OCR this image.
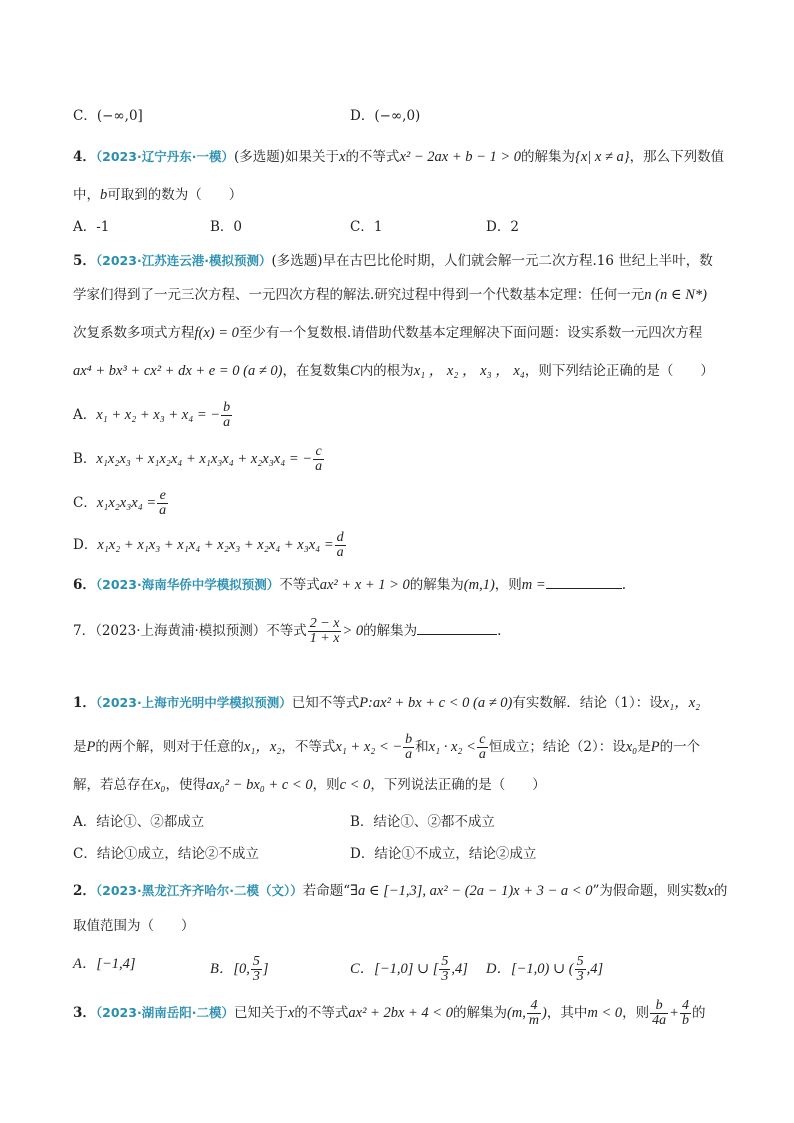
C．(−∞,0]	D．(−∞,0)
4．（2023·辽宁丹东·一模）(多选题)如果关于x的不等式x² − 2ax + b − 1 > 0的解集为{x| x ≠ a}，那么下列数值
中，b可取到的数为（　　）
A．-1	B．0	C．1	D．2
5．（2023·江苏连云港·模拟预测）(多选题)早在古巴比伦时期，人们就会解一元二次方程.16 世纪上半叶，数
学家们得到了一元三次方程、一元四次方程的解法.研究过程中得到一个代数基本定理：任何一元n (n ∈ N*)
次复系数多项式方程f(x) = 0至少有一个复数根.请借助代数基本定理解决下面问题：设实系数一元四次方程
ax⁴ + bx³ + cx² + dx + e = 0 (a ≠ 0)，在复数集C内的根为x₁ ， x₂ ， x₃ ， x₄，则下列结论正确的是（　　）
A．x₁ + x₂ + x₃ + x₄ = − $\frac{b}{a}$
B．x₁x₂x₃ + x₁x₂x₄ + x₁x₃x₄ + x₂x₃x₄ = − $\frac{c}{a}$
C．$x_1x_2x_3x_4 = \frac{e}{a}$
D．$x_1x_2 + x_1x_3 + x_1x_4 + x_2x_3 + x_2x_4 + x_3x_4 = \frac{d}{a}$
6．（2023·海南华侨中学模拟预测）不等式ax² + x + 1 > 0的解集为(m,1)，则m =	.
7．（2023·上海黄浦·模拟预测）不等式 $\frac{2 - x}{1 + x} > 0$的解集为	.
1．（2023·上海市光明中学模拟预测）已知不等式P:ax² + bx + c < 0 (a ≠ 0)有实数解．结论（1）：设x₁，x₂
是P的两个解，则对于任意的x₁，x₂，不等式x₁ + x₂ < − $\frac{b}{a}$ 和$x_1 \cdot x_2 < \frac{c}{a}$ 恒成立；结论（2）：设x₀是P的一个
解，若总存在x₀，使得ax₀² − bx₀ + c < 0，则c < 0，下列说法正确的是（　　）
A．结论①、②都成立	B．结论①、②都不成立
C．结论①成立，结论②不成立	D．结论①不成立，结论②成立
2．（2023·黑龙江齐齐哈尔·二模（文））若命题“∃a ∈ [−1,3], ax² − (2a − 1)x + 3 − a < 0”为假命题，则实数x的
取值范围为（　　）
A．[−1,4]	B．[0, $\frac{5}{3}$ ]	C．[−1,0] ∪ [ $\frac{5}{3} ,4$] D．[−1,0) ∪ ( $\frac{5}{3} ,4$]
3．（2023·湖南岳阳·二模）已知关于x的不等式ax² + 2bx + 4 < 0的解集为(m, $\frac{4}{m}$ )，其中m < 0，则 $\frac{b}{4a} + \frac{4}{b}$ 的
